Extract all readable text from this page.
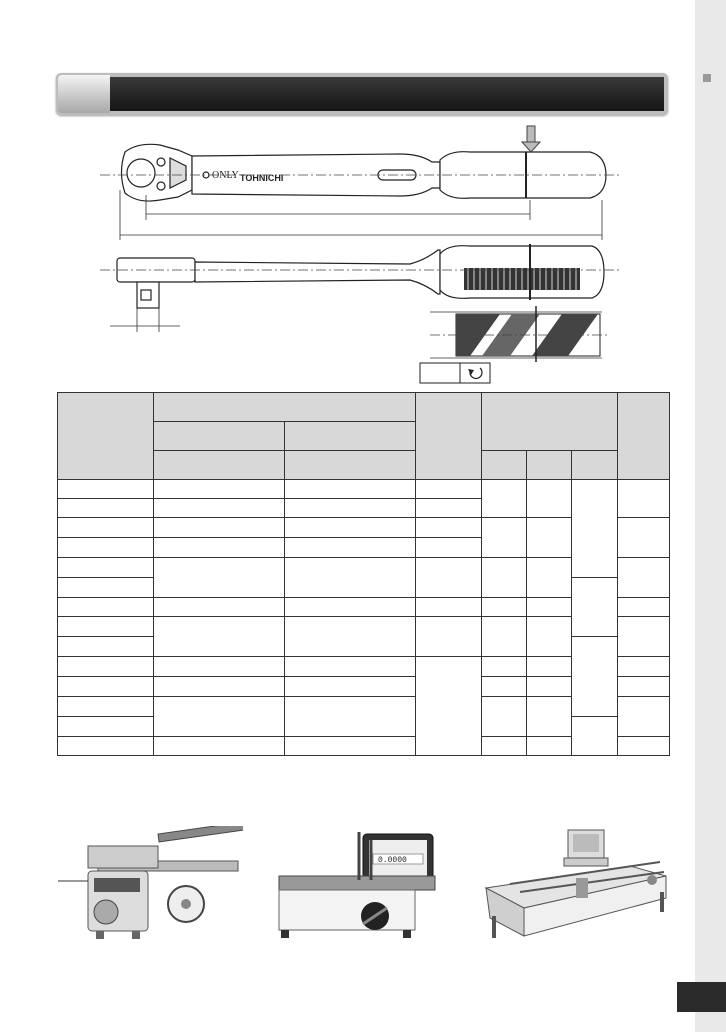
ONLY TOHNICHI

0.0000
